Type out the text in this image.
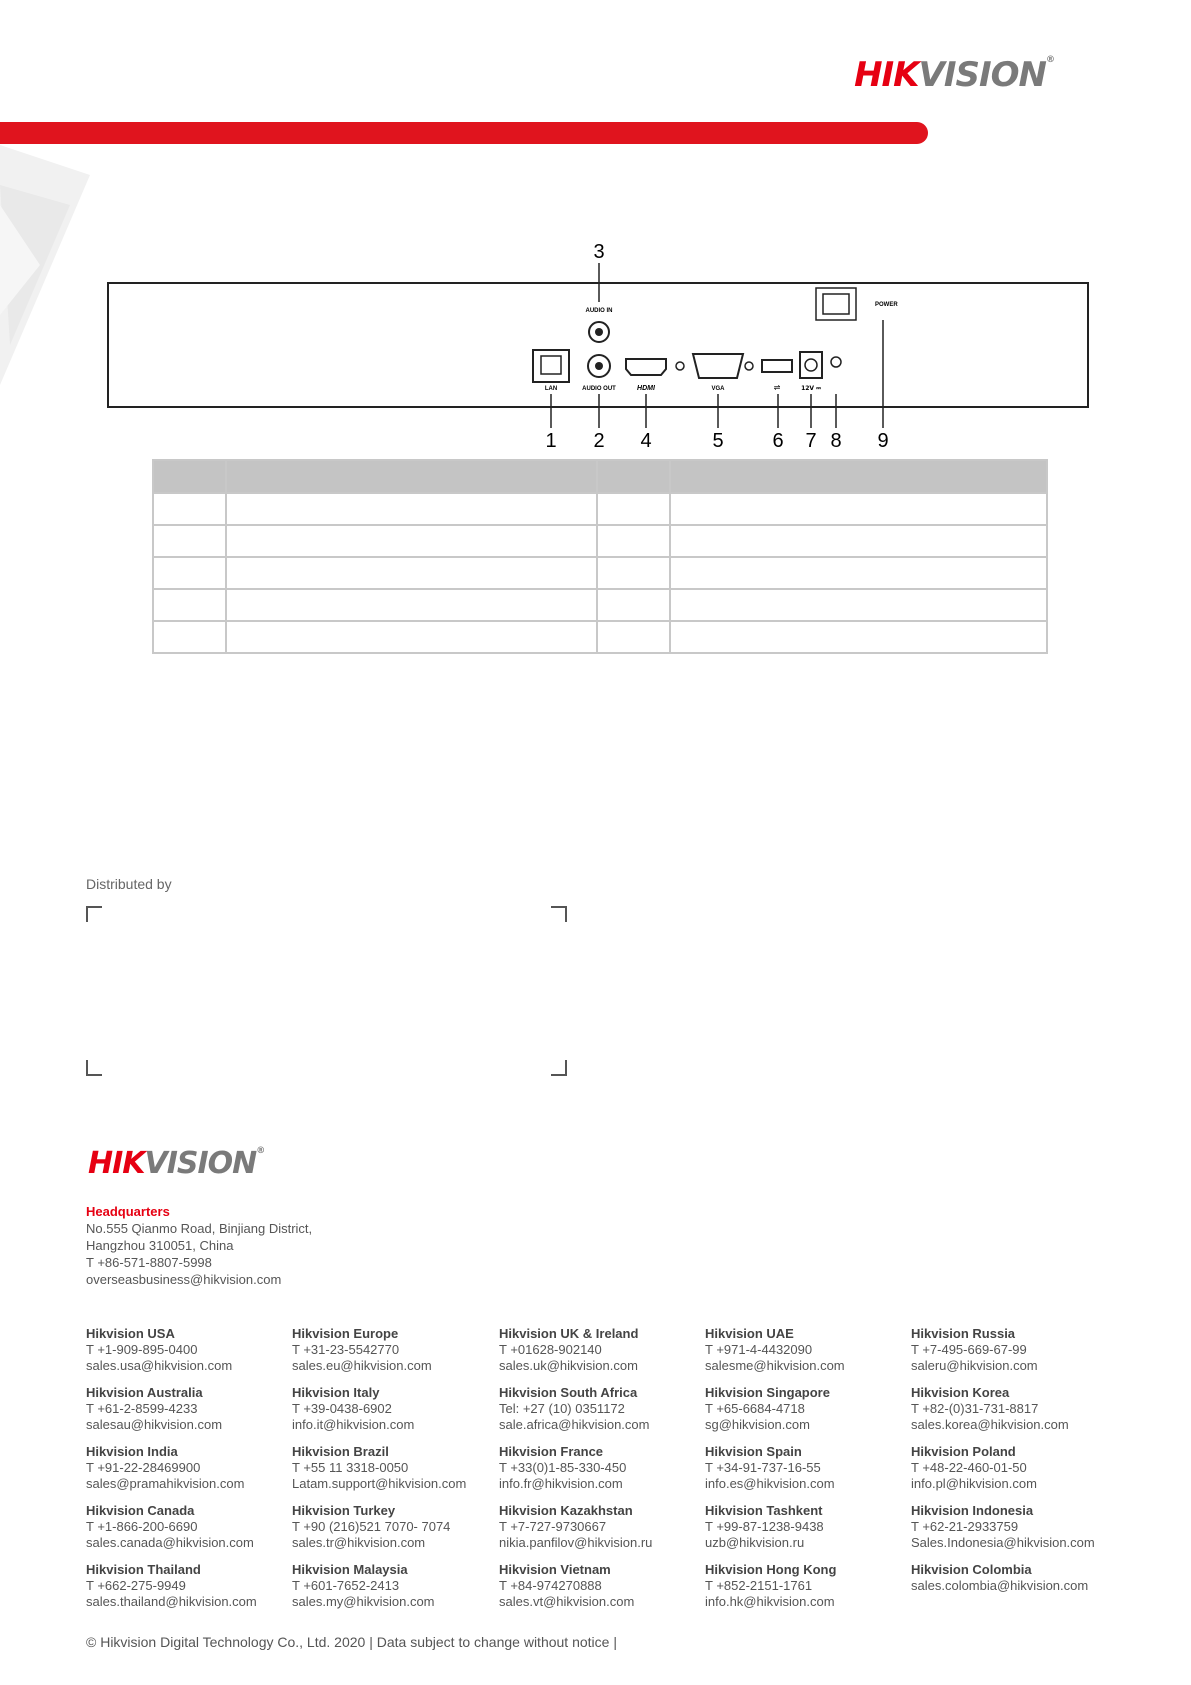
HIKVISION®
3
AUDIO IN
LAN	AUDIO OUT	HDMI	VGA	⇌	12V ⎓
POWER
1 2 4	5 6 7 8 9

Distributed by
HIKVISION®
Headquarters
No.555 Qianmo Road, Binjiang District,
Hangzhou 310051, China
T +86-571-8807-5998
overseasbusiness@hikvision.com
Hikvision USA
T +1-909-895-0400
sales.usa@hikvision.com
Hikvision Europe
T +31-23-5542770
sales.eu@hikvision.com
Hikvision UK & Ireland
T +01628-902140
sales.uk@hikvision.com
Hikvision UAE
T +971-4-4432090
salesme@hikvision.com
Hikvision Russia
T +7-495-669-67-99
saleru@hikvision.com
Hikvision Australia
T +61-2-8599-4233
salesau@hikvision.com
Hikvision Italy
T +39-0438-6902
info.it@hikvision.com
Hikvision South Africa
Tel: +27 (10) 0351172
sale.africa@hikvision.com
Hikvision Singapore
T +65-6684-4718
sg@hikvision.com
Hikvision Korea
T +82-(0)31-731-8817
sales.korea@hikvision.com
Hikvision India
T +91-22-28469900
sales@pramahikvision.com
Hikvision Brazil
T +55 11 3318-0050
Latam.support@hikvision.com
Hikvision France
T +33(0)1-85-330-450
info.fr@hikvision.com
Hikvision Spain
T +34-91-737-16-55
info.es@hikvision.com
Hikvision Poland
T +48-22-460-01-50
info.pl@hikvision.com
Hikvision Canada
T +1-866-200-6690
sales.canada@hikvision.com
Hikvision Turkey
T +90 (216)521 7070- 7074
sales.tr@hikvision.com
Hikvision Kazakhstan
T +7-727-9730667
nikia.panfilov@hikvision.ru
Hikvision Tashkent
T +99-87-1238-9438
uzb@hikvision.ru
Hikvision Indonesia
T +62-21-2933759
Sales.Indonesia@hikvision.com
Hikvision Thailand
T +662-275-9949
sales.thailand@hikvision.com
Hikvision Malaysia
T +601-7652-2413
sales.my@hikvision.com
Hikvision Vietnam
T +84-974270888
sales.vt@hikvision.com
Hikvision Hong Kong
T +852-2151-1761
info.hk@hikvision.com
Hikvision Colombia
sales.colombia@hikvision.com
© Hikvision Digital Technology Co., Ltd. 2020 | Data subject to change without notice |
